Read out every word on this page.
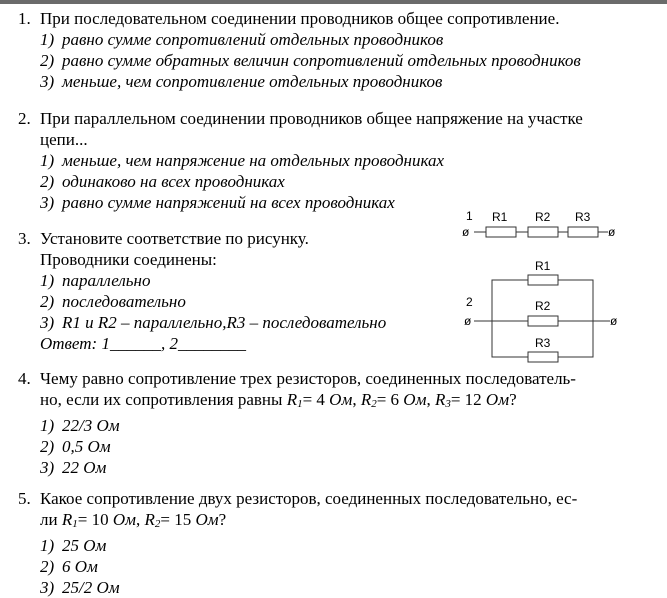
1. При последовательном соединении проводников общее сопротивление.
1) равно сумме сопротивлений отдельных проводников
2) равно сумме обратных величин сопротивлений отдельных проводников
3) меньше, чем сопротивление отдельных проводников
2. При параллельном соединении проводников общее напряжение на участке
цепи...
1) меньше, чем напряжение на отдельных проводниках
2) одинаково на всех проводниках
3) равно сумме напряжений на всех проводниках
3. Установите соответствие по рисунку.
Проводники соединены:
1) параллельно
2) последовательно
3) R1 и R2 – параллельно,R3 – последовательно
Ответ: 1______, 2________
1
ø
R1 R2 R3
ø
2
ø	ø
R1
R2
R3
4. Чему равно сопротивление трех резисторов, соединенных последователь-
но, если их сопротивления равны R1= 4 Ом, R2= 6 Ом, R3= 12 Ом?
1) 22/3 Ом
2) 0,5 Ом
3) 22 Ом
5. Какое сопротивление двух резисторов, соединенных последовательно, ес-
ли R1= 10 Ом, R2= 15 Ом?
1) 25 Ом
2) 6 Ом
3) 25/2 Ом
